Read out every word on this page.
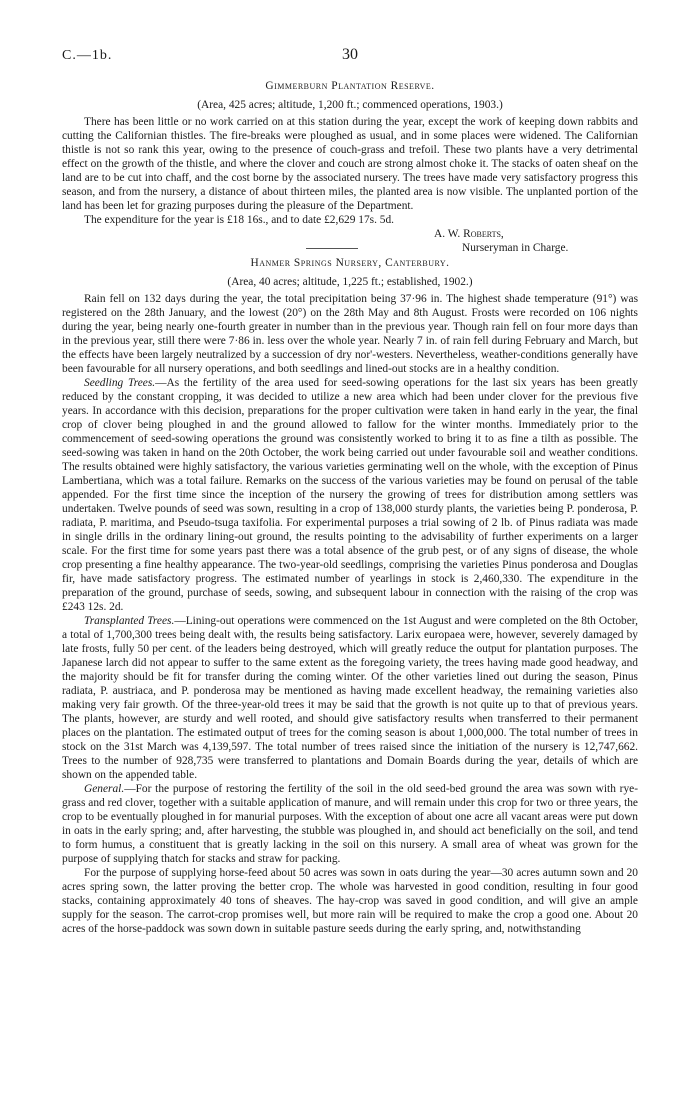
C.—1b.	30
Gimmerburn Plantation Reserve.
(Area, 425 acres; altitude, 1,200 ft.; commenced operations, 1903.)

There has been little or no work carried on at this station during the year, except the work of keeping down rabbits and cutting the Californian thistles. The fire-breaks were ploughed as usual, and in some places were widened. The Californian thistle is not so rank this year, owing to the presence of couch-grass and trefoil. These two plants have a very detrimental effect on the growth of the thistle, and where the clover and couch are strong almost choke it. The stacks of oaten sheaf on the land are to be cut into chaff, and the cost borne by the associated nursery. The trees have made very satisfactory progress this season, and from the nursery, a distance of about thirteen miles, the planted area is now visible. The unplanted portion of the land has been let for grazing purposes during the pleasure of the Department.

The expenditure for the year is £18 16s., and to date £2,629 17s. 5d.

A. W. Roberts,
Nurseryman in Charge.
Hanmer Springs Nursery, Canterbury.
(Area, 40 acres; altitude, 1,225 ft.; established, 1902.)

Rain fell on 132 days during the year, the total precipitation being 37·96 in. The highest shade temperature (91°) was registered on the 28th January, and the lowest (20°) on the 28th May and 8th August. Frosts were recorded on 106 nights during the year, being nearly one-fourth greater in number than in the previous year. Though rain fell on four more days than in the previous year, still there were 7·86 in. less over the whole year. Nearly 7 in. of rain fell during February and March, but the effects have been largely neutralized by a succession of dry nor'-westers. Nevertheless, weather-conditions generally have been favourable for all nursery operations, and both seedlings and lined-out stocks are in a healthy condition.

Seedling Trees.—As the fertility of the area used for seed-sowing operations for the last six years has been greatly reduced by the constant cropping, it was decided to utilize a new area which had been under clover for the previous five years. In accordance with this decision, preparations for the proper cultivation were taken in hand early in the year, the final crop of clover being ploughed in and the ground allowed to fallow for the winter months. Immediately prior to the commencement of seed-sowing operations the ground was consistently worked to bring it to as fine a tilth as possible. The seed-sowing was taken in hand on the 20th October, the work being carried out under favourable soil and weather conditions. The results obtained were highly satisfactory, the various varieties germinating well on the whole, with the exception of Pinus Lambertiana, which was a total failure. Remarks on the success of the various varieties may be found on perusal of the table appended. For the first time since the inception of the nursery the growing of trees for distribution among settlers was undertaken. Twelve pounds of seed was sown, resulting in a crop of 138,000 sturdy plants, the varieties being P. ponderosa, P. radiata, P. maritima, and Pseudo-tsuga taxifolia. For experimental purposes a trial sowing of 2 lb. of Pinus radiata was made in single drills in the ordinary lining-out ground, the results pointing to the advisability of further experiments on a larger scale. For the first time for some years past there was a total absence of the grub pest, or of any signs of disease, the whole crop presenting a fine healthy appearance. The two-year-old seedlings, comprising the varieties Pinus ponderosa and Douglas fir, have made satisfactory progress. The estimated number of yearlings in stock is 2,460,330. The expenditure in the preparation of the ground, purchase of seeds, sowing, and subsequent labour in connection with the raising of the crop was £243 12s. 2d.

Transplanted Trees.—Lining-out operations were commenced on the 1st August and were completed on the 8th October, a total of 1,700,300 trees being dealt with, the results being satisfactory. Larix europaea were, however, severely damaged by late frosts, fully 50 per cent. of the leaders being destroyed, which will greatly reduce the output for plantation purposes. The Japanese larch did not appear to suffer to the same extent as the foregoing variety, the trees having made good headway, and the majority should be fit for transfer during the coming winter. Of the other varieties lined out during the season, Pinus radiata, P. austriaca, and P. ponderosa may be mentioned as having made excellent headway, the remaining varieties also making very fair growth. Of the three-year-old trees it may be said that the growth is not quite up to that of previous years. The plants, however, are sturdy and well rooted, and should give satisfactory results when transferred to their permanent places on the plantation. The estimated output of trees for the coming season is about 1,000,000. The total number of trees in stock on the 31st March was 4,139,597. The total number of trees raised since the initiation of the nursery is 12,747,662. Trees to the number of 928,735 were transferred to plantations and Domain Boards during the year, details of which are shown on the appended table.

General.—For the purpose of restoring the fertility of the soil in the old seed-bed ground the area was sown with rye-grass and red clover, together with a suitable application of manure, and will remain under this crop for two or three years, the crop to be eventually ploughed in for manurial purposes. With the exception of about one acre all vacant areas were put down in oats in the early spring; and, after harvesting, the stubble was ploughed in, and should act beneficially on the soil, and tend to form humus, a constituent that is greatly lacking in the soil on this nursery. A small area of wheat was grown for the purpose of supplying thatch for stacks and straw for packing.

For the purpose of supplying horse-feed about 50 acres was sown in oats during the year—30 acres autumn sown and 20 acres spring sown, the latter proving the better crop. The whole was harvested in good condition, resulting in four good stacks, containing approximately 40 tons of sheaves. The hay-crop was saved in good condition, and will give an ample supply for the season. The carrot-crop promises well, but more rain will be required to make the crop a good one. About 20 acres of the horse-paddock was sown down in suitable pasture seeds during the early spring, and, notwithstanding
